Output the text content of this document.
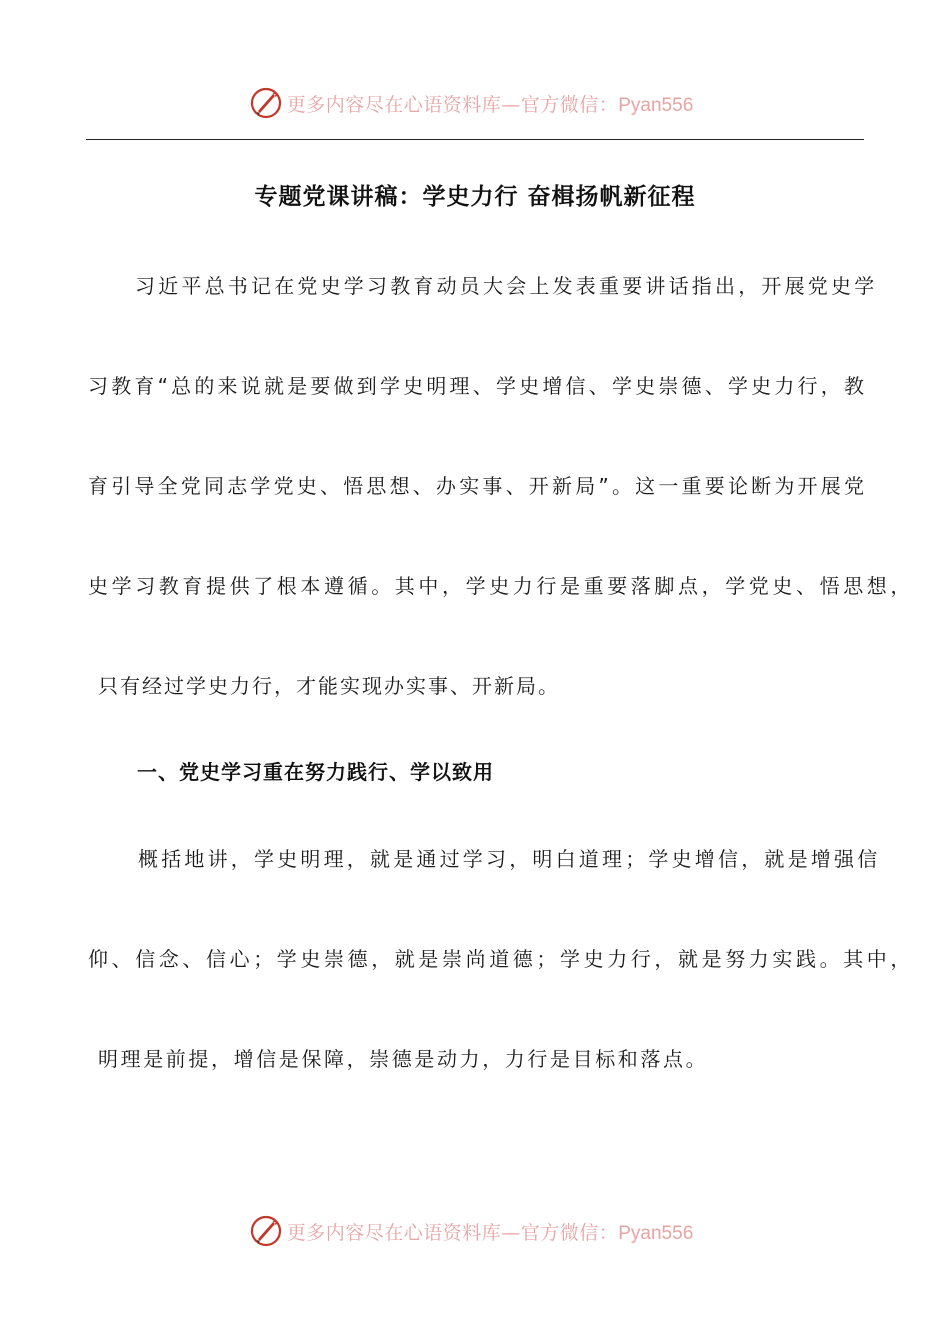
更多内容尽在心语资料库—官方微信：Pyan556
专题党课讲稿：学史力行 奋楫扬帆新征程
习近平总书记在党史学习教育动员大会上发表重要讲话指出，开展党史学
习教育“总的来说就是要做到学史明理、学史增信、学史崇德、学史力行，教
育引导全党同志学党史、悟思想、办实事、开新局”。这一重要论断为开展党
史学习教育提供了根本遵循。其中，学史力行是重要落脚点，学党史、悟思想，
只有经过学史力行，才能实现办实事、开新局。
一、党史学习重在努力践行、学以致用
概括地讲，学史明理，就是通过学习，明白道理；学史增信，就是增强信
仰、信念、信心；学史崇德，就是崇尚道德；学史力行，就是努力实践。其中，
明理是前提，增信是保障，崇德是动力，力行是目标和落点。
更多内容尽在心语资料库—官方微信：Pyan556
